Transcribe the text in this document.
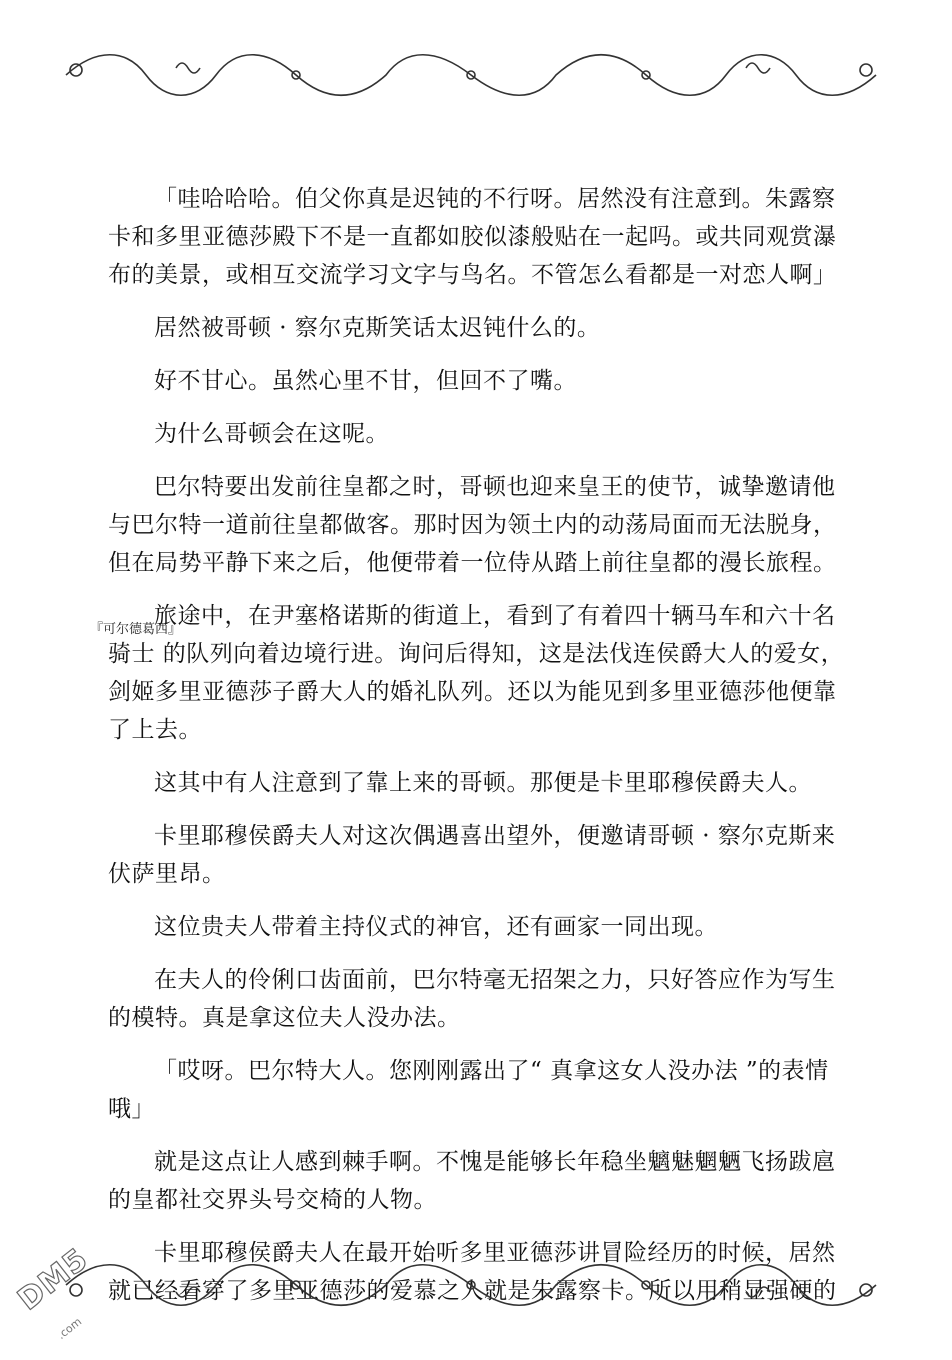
「哇哈哈哈。伯父你真是迟钝的不行呀。居然没有注意到。朱露察卡和多里亚德莎殿下不是一直都如胶似漆般贴在一起吗。或共同观赏瀑布的美景，或相互交流学习文字与鸟名。不管怎么看都是一对恋人啊」

居然被哥顿 · 察尔克斯笑话太迟钝什么的。

好不甘心。虽然心里不甘，但回不了嘴。

为什么哥顿会在这呢。

巴尔特要出发前往皇都之时，哥顿也迎来皇王的使节，诚挚邀请他与巴尔特一道前往皇都做客。那时因为领土内的动荡局面而无法脱身，但在局势平静下来之后，他便带着一位侍从踏上前往皇都的漫长旅程。

旅途中，在尹塞格诺斯的街道上，看到了有着四十辆马车和六十名骑士 的队列向着边境行进。询问后得知，这是法伐连侯爵大人的爱女，剑姬多里亚德莎子爵大人的婚礼队列。还以为能见到多里亚德莎他便靠了上去。

这其中有人注意到了靠上来的哥顿。那便是卡里耶穆侯爵夫人。

卡里耶穆侯爵夫人对这次偶遇喜出望外，便邀请哥顿 · 察尔克斯来伏萨里昂。

这位贵夫人带着主持仪式的神官，还有画家一同出现。

在夫人的伶俐口齿面前，巴尔特毫无招架之力，只好答应作为写生的模特。真是拿这位夫人没办法。

「哎呀。巴尔特大人。您刚刚露出了“ 真拿这女人没办法 ”的表情哦」

就是这点让人感到棘手啊。不愧是能够长年稳坐魑魅魍魉飞扬跋扈的皇都社交界头号交椅的人物。

卡里耶穆侯爵夫人在最开始听多里亚德莎讲冒险经历的时候，居然就已经看穿了多里亚德莎的爱慕之人就是朱露察卡。所以用稍显强硬的

『可尔德葛西』
DM5
.com
